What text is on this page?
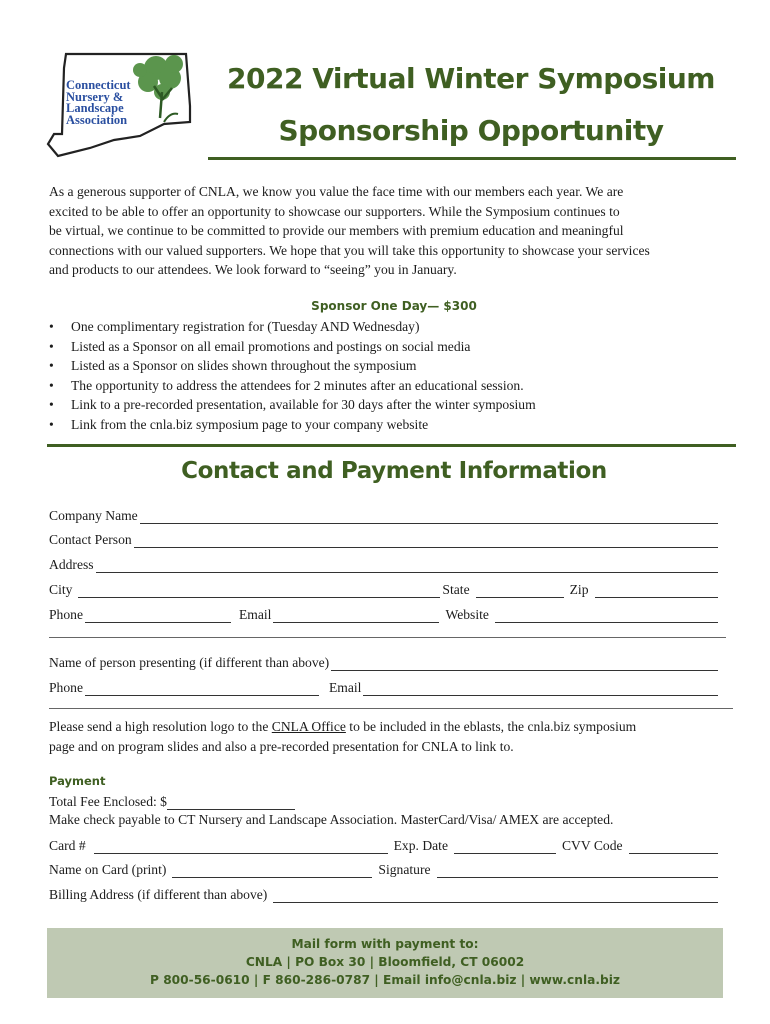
Connecticut
Nursery &
Landscape
Association
2022 Virtual Winter Symposium
Sponsorship Opportunity
As a generous supporter of CNLA, we know you value the face time with our members each year. We are
excited to be able to offer an opportunity to showcase our supporters. While the Symposium continues to
be virtual, we continue to be committed to provide our members with premium education and meaningful
connections with our valued supporters. We hope that you will take this opportunity to showcase your services
and products to our attendees. We look forward to “seeing” you in January.
Sponsor One Day— $300
• One complimentary registration for (Tuesday AND Wednesday)
• Listed as a Sponsor on all email promotions and postings on social media
• Listed as a Sponsor on slides shown throughout the symposium
• The opportunity to address the attendees for 2 minutes after an educational session.
• Link to a pre-recorded presentation, available for 30 days after the winter symposium
• Link from the cnla.biz symposium page to your company website
Contact and Payment Information
Company Name
Contact Person
Address
City	State	Zip
Phone	Email	Website
Name of person presenting (if different than above)
Phone	Email
Please send a high resolution logo to the CNLA Office to be included in the eblasts, the cnla.biz symposium
page and on program slides and also a pre-recorded presentation for CNLA to link to.
Payment
Total Fee Enclosed: $
Make check payable to CT Nursery and Landscape Association. MasterCard/Visa/ AMEX are accepted.
Card #	Exp. Date	CVV Code
Name on Card (print)	Signature
Billing Address (if different than above)
Mail form with payment to:
CNLA | PO Box 30 | Bloomfield, CT 06002
P 800-56-0610 | F 860-286-0787 | Email info@cnla.biz | www.cnla.biz
